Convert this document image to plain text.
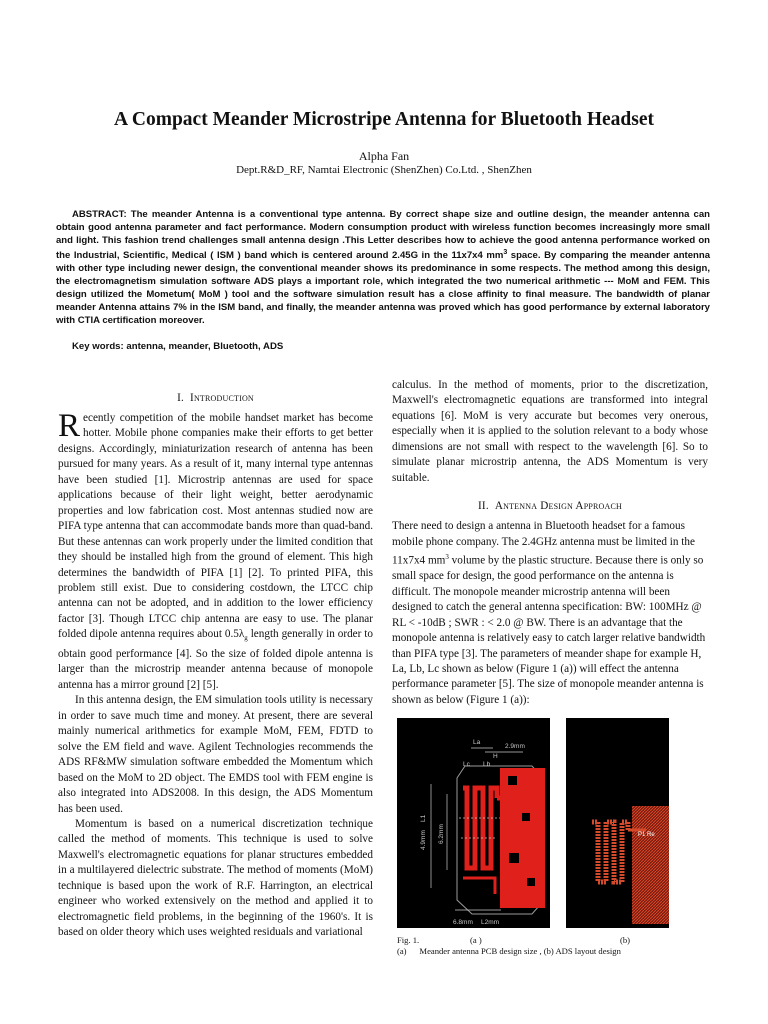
A Compact Meander Microstripe Antenna for Bluetooth Headset
Alpha Fan
Dept.R&D_RF, Namtai Electronic (ShenZhen) Co.Ltd. , ShenZhen

ABSTRACT: The meander Antenna is a conventional type antenna. By correct shape size and outline design, the meander antenna can obtain good antenna parameter and fact performance. Modern consumption product with wireless function becomes increasingly more small and light. This fashion trend challenges small antenna design .This Letter describes how to achieve the good antenna performance worked on the Industrial, Scientific, Medical ( ISM ) band which is centered around 2.45G in the 11x7x4 $mm^3$ space. By comparing the meander antenna with other type including newer design, the conventional meander shows its predominance in some respects. The method among this design, the electromagnetism simulation software ADS plays a important role, which integrated the two numerical arithmetic --- MoM and FEM. This design utilized the Mometum( MoM ) tool and the software simulation result has a close affinity to final measure. The bandwidth of planar meander Antenna attains 7% in the ISM band, and finally, the meander antenna was proved which has good performance by external laboratory with CTIA certification moreover.

Key words: antenna, meander, Bluetooth, ADS

I. Introduction

Recently competition of the mobile handset market has become hotter. Mobile phone companies make their efforts to get better designs. Accordingly, miniaturization research of antenna has been pursued for many years. As a result of it, many internal type antennas have been studied [1]. Microstrip antennas are used for space applications because of their light weight, better aerodynamic properties and low fabrication cost. Most antennas studied now are PIFA type antenna that can accommodate bands more than quad-band. But these antennas can work properly under the limited condition that they should be installed high from the ground of element. This high determines the bandwidth of PIFA [1] [2]. To printed PIFA, this problem still exist. Due to considering costdown, the LTCC chip antenna can not be adopted, and in addition to the lower efficiency factor [3]. Though LTCC chip antenna are easy to use. The planar folded dipole antenna requires about $0.5\lambda_g$ length generally in order to obtain good performance [4]. So the size of folded dipole antenna is larger than the microstrip meander antenna because of monopole antenna has a mirror ground [2] [5].

In this antenna design, the EM simulation tools utility is necessary in order to save much time and money. At present, there are several mainly numerical arithmetics for example MoM, FEM, FDTD to solve the EM field and wave. Agilent Technologies recommends the ADS RF&MW simulation software embedded the Momentum which based on the MoM to 2D object. The EMDS tool with FEM engine is also integrated into ADS2008. In this design, the ADS Momentum has been used.

Momentum is based on a numerical discretization technique called the method of moments. This technique is used to solve Maxwell's electromagnetic equations for planar structures embedded in a multilayered dielectric substrate. The method of moments (MoM) technique is based upon the work of R.F. Harrington, an electrical engineer who worked extensively on the method and applied it to electromagnetic field problems, in the beginning of the 1960's. It is based on older theory which uses weighted residuals and variational

calculus. In the method of moments, prior to the discretization, Maxwell's electromagnetic equations are transformed into integral equations [6]. MoM is very accurate but becomes very onerous, especially when it is applied to the solution relevant to a body whose dimensions are not small with respect to the wavelength [6]. So to simulate planar microstrip antenna, the ADS Momentum is very suitable.

II. Antenna Design Approach

There need to design a antenna in Bluetooth headset for a famous mobile phone company. The 2.4GHz antenna must be limited in the 11x7x4 $mm^3$ volume by the plastic structure. Because there is only so small space for design, the good performance on the antenna is difficult. The monopole meander microstrip antenna will been designed to catch the general antenna specification: BW: 100MHz @ RL < -10dB ; SWR : < 2.0 @ BW. There is an advantage that the monopole antenna is relatively easy to catch larger relative bandwidth than PIFA type [3]. The parameters of meander shape for example H, La, Lb, Lc shown as below (Figure 1 (a)) will effect the antenna performance parameter [5]. The size of monopole meander antenna is shown as below (Figure 1 (a)):

2.9mm
La
H
Lc Lb
4.9mm
L1
6.2mm
6.8mm L2mm
P1 Re
Fig. 1.	(a )	(b)
(a)      Meander antenna PCB design size , (b) ADS layout design
